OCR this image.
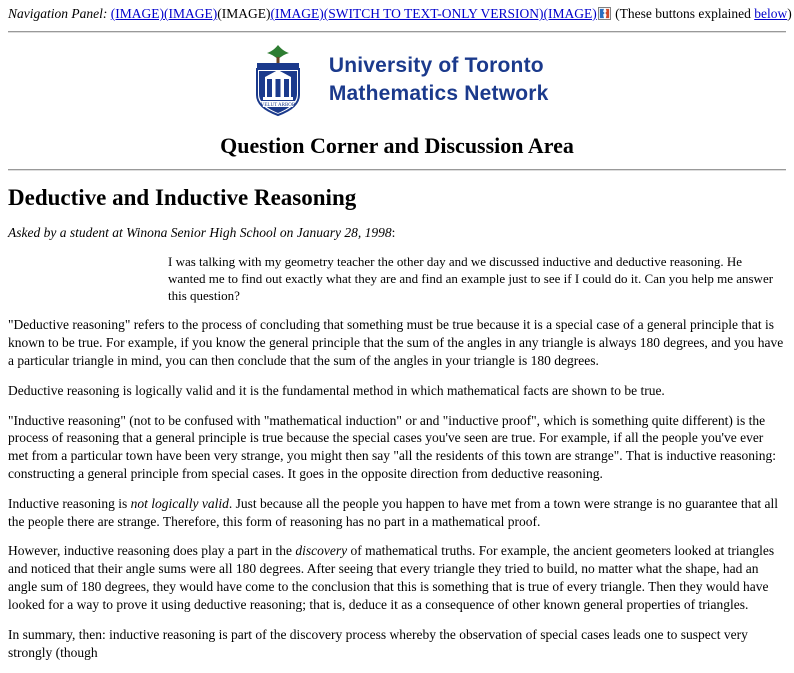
Navigation Panel: (IMAGE)(IMAGE)(IMAGE)(IMAGE)(SWITCH TO TEXT-ONLY VERSION)(IMAGE) (These buttons explained below)
VELUT ARBOR

University of Toronto
Mathematics Network
Question Corner and Discussion Area
Deductive and Inductive Reasoning

Asked by a student at Winona Senior High School on January 28, 1998:

I was talking with my geometry teacher the other day and we discussed inductive and deductive reasoning. He wanted me to find out exactly what they are and find an example just to see if I could do it. Can you help me answer this question?

"Deductive reasoning" refers to the process of concluding that something must be true because it is a special case of a general principle that is known to be true. For example, if you know the general principle that the sum of the angles in any triangle is always 180 degrees, and you have a particular triangle in mind, you can then conclude that the sum of the angles in your triangle is 180 degrees.

Deductive reasoning is logically valid and it is the fundamental method in which mathematical facts are shown to be true.

"Inductive reasoning" (not to be confused with "mathematical induction" or and "inductive proof", which is something quite different) is the process of reasoning that a general principle is true because the special cases you've seen are true. For example, if all the people you've ever met from a particular town have been very strange, you might then say "all the residents of this town are strange". That is inductive reasoning: constructing a general principle from special cases. It goes in the opposite direction from deductive reasoning.

Inductive reasoning is not logically valid. Just because all the people you happen to have met from a town were strange is no guarantee that all the people there are strange. Therefore, this form of reasoning has no part in a mathematical proof.

However, inductive reasoning does play a part in the discovery of mathematical truths. For example, the ancient geometers looked at triangles and noticed that their angle sums were all 180 degrees. After seeing that every triangle they tried to build, no matter what the shape, had an angle sum of 180 degrees, they would have come to the conclusion that this is something that is true of every triangle. Then they would have looked for a way to prove it using deductive reasoning; that is, deduce it as a consequence of other known general properties of triangles.

In summary, then: inductive reasoning is part of the discovery process whereby the observation of special cases leads one to suspect very strongly (though
